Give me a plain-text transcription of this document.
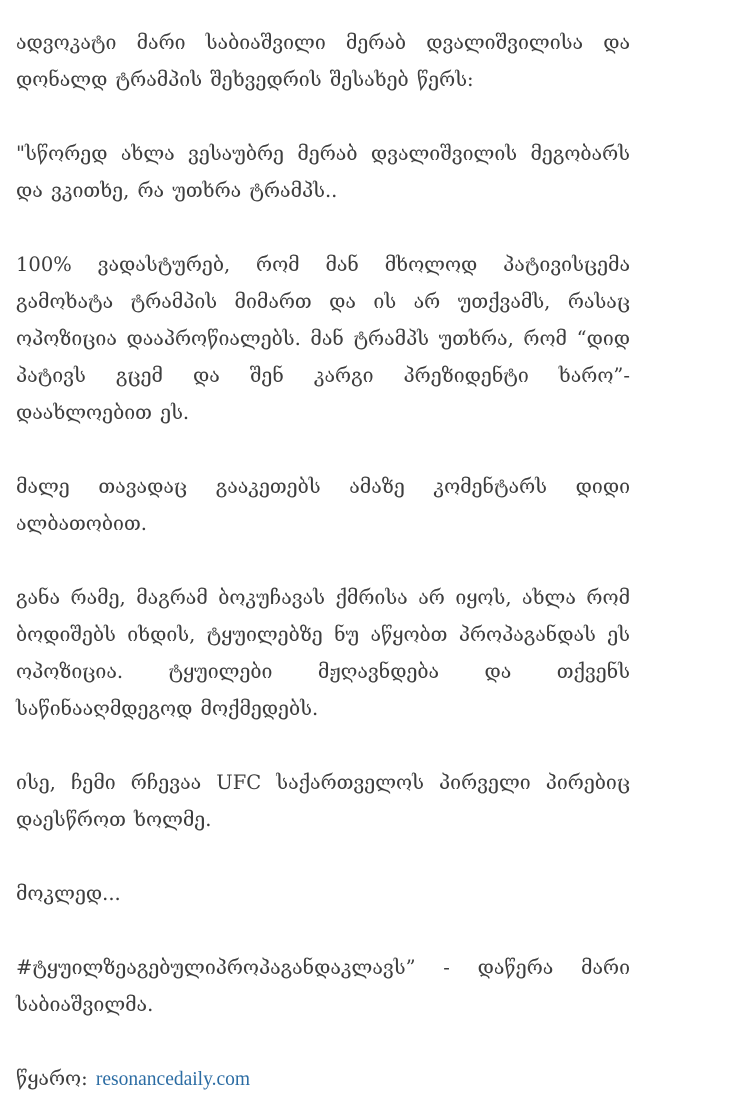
ადვოკატი მარი საბიაშვილი მერაბ დვალიშვილისა და დონალდ ტრამპის შეხვედრის შესახებ წერს:

"სწორედ ახლა ვესაუბრე მერაბ დვალიშვილის მეგობარს და ვკითხე, რა უთხრა ტრამპს..

100% ვადასტურებ, რომ მან მხოლოდ პატივისცემა გამოხატა ტრამპის მიმართ და ის არ უთქვამს, რასაც ოპოზიცია დააპროწიალებს. მან ტრამპს უთხრა, რომ “დიდ პატივს გცემ და შენ კარგი პრეზიდენტი ხარო”- დაახლოებით ეს.

მალე თავადაც გააკეთებს ამაზე კომენტარს დიდი ალბათობით.

განა რამე, მაგრამ ბოკუჩავას ქმრისა არ იყოს, ახლა რომ ბოდიშებს იხდის, ტყუილებზე ნუ აწყობთ პროპაგანდას ეს ოპოზიცია. ტყუილები მჟღავნდება და თქვენს საწინააღმდეგოდ მოქმედებს.

ისე, ჩემი რჩევაა UFC საქართველოს პირველი პირებიც დაესწროთ ხოლმე.

მოკლედ...

#ტყუილზეაგებულიპროპაგანდაკლავს” - დაწერა მარი საბიაშვილმა.

წყარო: resonancedaily.com
